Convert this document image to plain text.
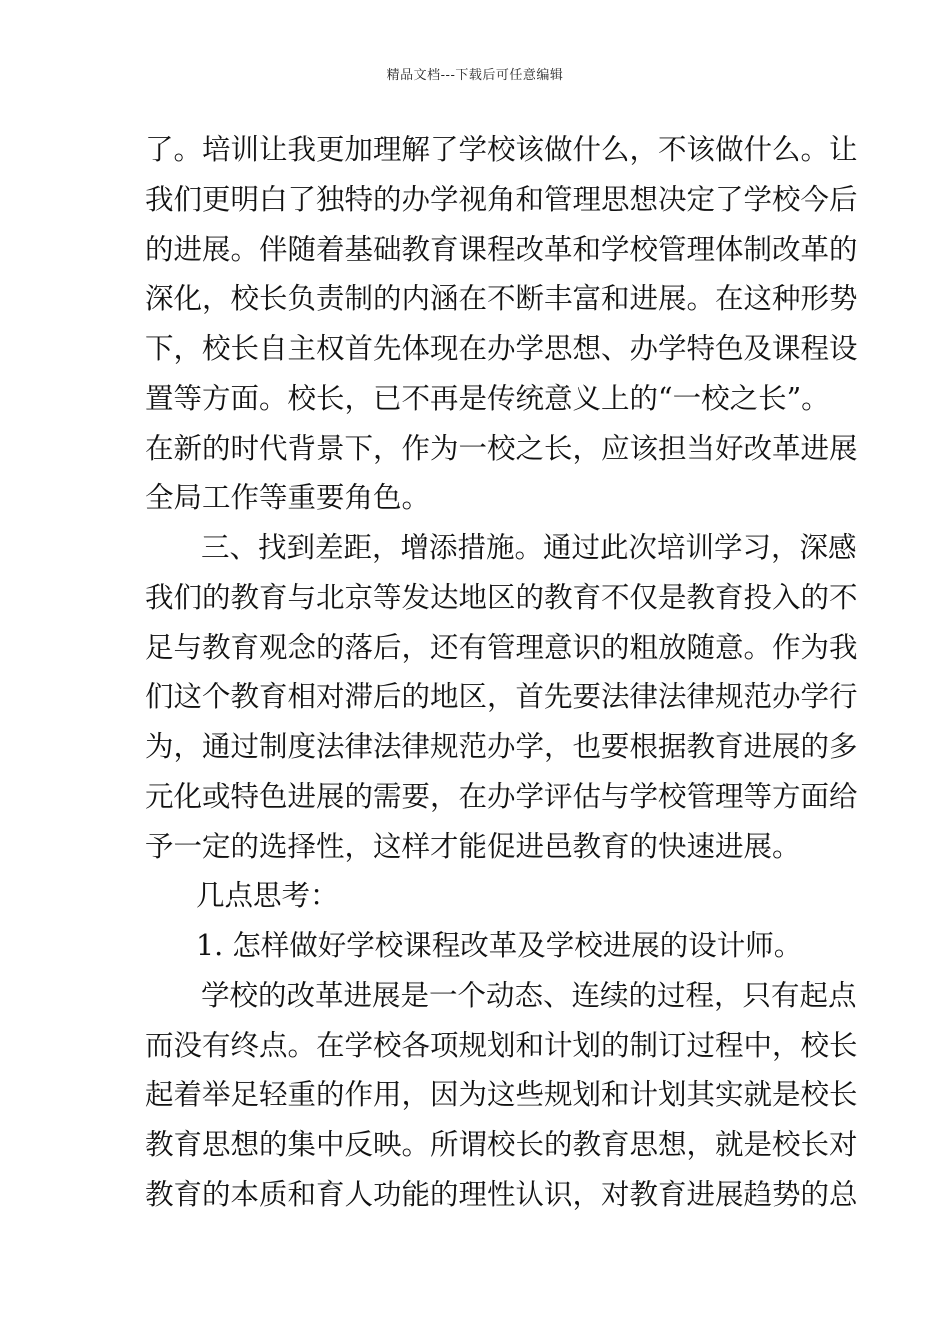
精品文档---下载后可任意编辑
了。培训让我更加理解了学校该做什么，不该做什么。让
我们更明白了独特的办学视角和管理思想决定了学校今后
的进展。伴随着基础教育课程改革和学校管理体制改革的
深化，校长负责制的内涵在不断丰富和进展。在这种形势
下，校长自主权首先体现在办学思想、办学特色及课程设
置等方面。校长，已不再是传统意义上的“一校之长”。
在新的时代背景下，作为一校之长，应该担当好改革进展
全局工作等重要角色。
三、找到差距，增添措施。通过此次培训学习，深感
我们的教育与北京等发达地区的教育不仅是教育投入的不
足与教育观念的落后，还有管理意识的粗放随意。作为我
们这个教育相对滞后的地区，首先要法律法律规范办学行
为，通过制度法律法律规范办学，也要根据教育进展的多
元化或特色进展的需要，在办学评估与学校管理等方面给
予一定的选择性，这样才能促进邑教育的快速进展。
几点思考：
1. 怎样做好学校课程改革及学校进展的设计师。
学校的改革进展是一个动态、连续的过程，只有起点
而没有终点。在学校各项规划和计划的制订过程中，校长
起着举足轻重的作用，因为这些规划和计划其实就是校长
教育思想的集中反映。所谓校长的教育思想，就是校长对
教育的本质和育人功能的理性认识，对教育进展趋势的总
